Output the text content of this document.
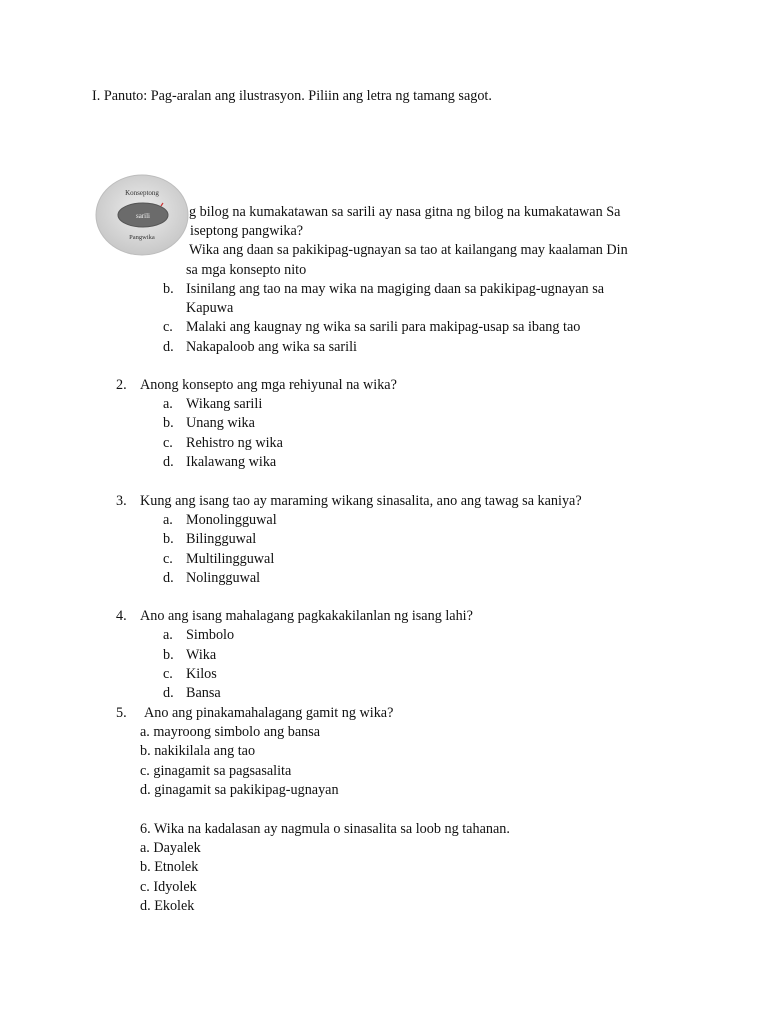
I. Panuto: Pag-aralan ang ilustrasyon. Piliin ang letra ng tamang sagot.
Konseptong
sarili
Pangwika
g bilog na kumakatawan sa sarili ay nasa gitna ng bilog na kumakatawan Sa
iseptong pangwika?
Wika ang daan sa pakikipag-ugnayan sa tao at kailangang may kaalaman Din
sa mga konsepto nito
b. Isinilang ang tao na may wika na magiging daan sa pakikipag-ugnayan sa
Kapuwa
c. Malaki ang kaugnay ng wika sa sarili para makipag-usap sa ibang tao
d. Nakapaloob ang wika sa sarili
2. Anong konsepto ang mga rehiyunal na wika?
a. Wikang sarili
b. Unang wika
c. Rehistro ng wika
d. Ikalawang wika
3. Kung ang isang tao ay maraming wikang sinasalita, ano ang tawag sa kaniya?
a. Monolingguwal
b. Bilingguwal
c. Multilingguwal
d. Nolingguwal
4. Ano ang isang mahalagang pagkakakilanlan ng isang lahi?
a. Simbolo
b. Wika
c. Kilos
d. Bansa
5. Ano ang pinakamahalagang gamit ng wika?
a. mayroong simbolo ang bansa
b. nakikilala ang tao
c. ginagamit sa pagsasalita
d. ginagamit sa pakikipag-ugnayan
6. Wika na kadalasan ay nagmula o sinasalita sa loob ng tahanan.
a. Dayalek
b. Etnolek
c. Idyolek
d. Ekolek
